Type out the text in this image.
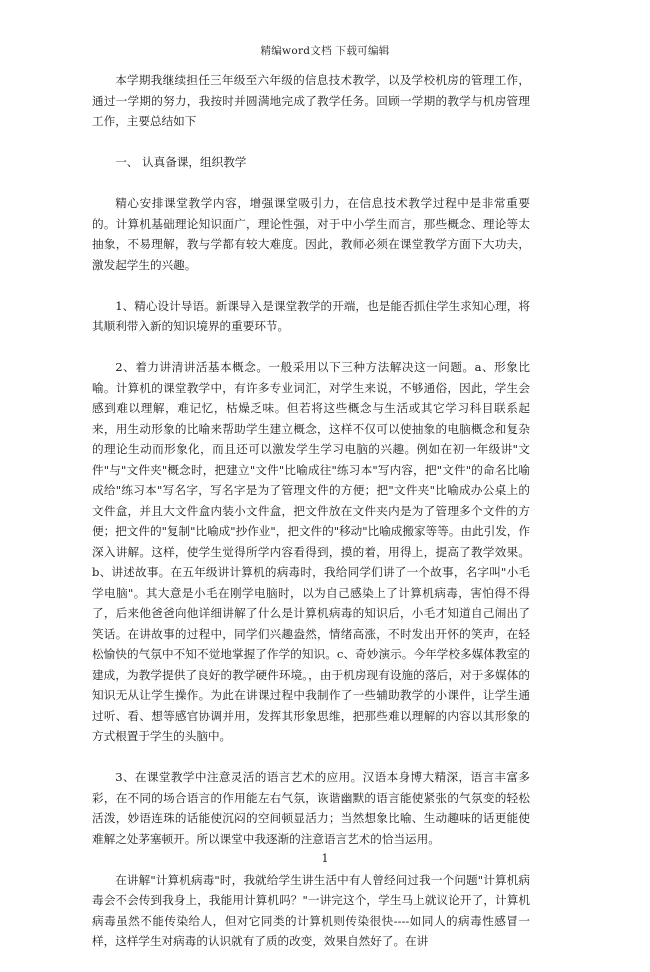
精编word文档 下载可编辑

本学期我继续担任三年级至六年级的信息技术教学，以及学校机房的管理工作，通过一学期的努力，我按时并圆满地完成了教学任务。回顾一学期的教学与机房管理工作，主要总结如下

一、 认真备课，组织教学

精心安排课堂教学内容，增强课堂吸引力，在信息技术教学过程中是非常重要的。计算机基础理论知识面广，理论性强，对于中小学生而言，那些概念、理论等太抽象，不易理解，教与学都有较大难度。因此，教师必须在课堂教学方面下大功夫，激发起学生的兴趣。

1、精心设计导语。新课导入是课堂教学的开端，也是能否抓住学生求知心理，将其顺利带入新的知识境界的重要环节。

2、着力讲清讲活基本概念。一般采用以下三种方法解决这一问题。a、形象比喻。计算机的课堂教学中，有许多专业词汇，对学生来说，不够通俗，因此，学生会感到难以理解，难记忆，枯燥乏味。但若将这些概念与生活或其它学习科目联系起来，用生动形象的比喻来帮助学生建立概念，这样不仅可以使抽象的电脑概念和复杂的理论生动而形象化，而且还可以激发学生学习电脑的兴趣。例如在初一年级讲"文件"与"文件夹"概念时，把建立"文件"比喻成往"练习本"写内容，把"文件"的命名比喻成给"练习本"写名字，写名字是为了管理文件的方便；把"文件夹"比喻成办公桌上的文件盒，并且大文件盒内装小文件盒，把文件放在文件夹内是为了管理多个文件的方便；把文件的"复制"比喻成"抄作业"，把文件的"移动"比喻成搬家等等。由此引发，作深入讲解。这样，使学生觉得所学内容看得到，摸的着，用得上，提高了教学效果。b、讲述故事。在五年级讲计算机的病毒时，我给同学们讲了一个故事，名字叫"小毛学电脑"。其大意是小毛在刚学电脑时，以为自己感染上了计算机病毒，害怕得不得了，后来他爸爸向他详细讲解了什么是计算机病毒的知识后，小毛才知道自己闹出了笑话。在讲故事的过程中，同学们兴趣盎然，情绪高涨，不时发出开怀的笑声，在轻松愉快的气氛中不知不觉地掌握了作学的知识。c、奇妙演示。今年学校多媒体教室的建成，为教学提供了良好的教学硬件环境。，由于机房现有设施的落后，对于多媒体的知识无从让学生操作。为此在讲课过程中我制作了一些辅助教学的小课件，让学生通过听、看、想等感官协调并用，发挥其形象思维，把那些难以理解的内容以其形象的方式根置于学生的头脑中。

3、在课堂教学中注意灵活的语言艺术的应用。汉语本身博大精深，语言丰富多彩，在不同的场合语言的作用能左右气氛，诙谐幽默的语言能使紧张的气氛变的轻松活泼，妙语连珠的话能使沉闷的空间顿显活力；当然想象比喻、生动趣味的话更能使难解之处茅塞顿开。所以课堂中我逐渐的注意语言艺术的恰当运用。

在讲解"计算机病毒"时，我就给学生讲生活中有人曾经问过我一个问题"计算机病毒会不会传到我身上，我能用计算机吗？"一讲完这个，学生马上就议论开了，计算机病毒虽然不能传染给人，但对它同类的计算机则传染很快----如同人的病毒性感冒一样，这样学生对病毒的认识就有了质的改变，效果自然好了。在讲

1
